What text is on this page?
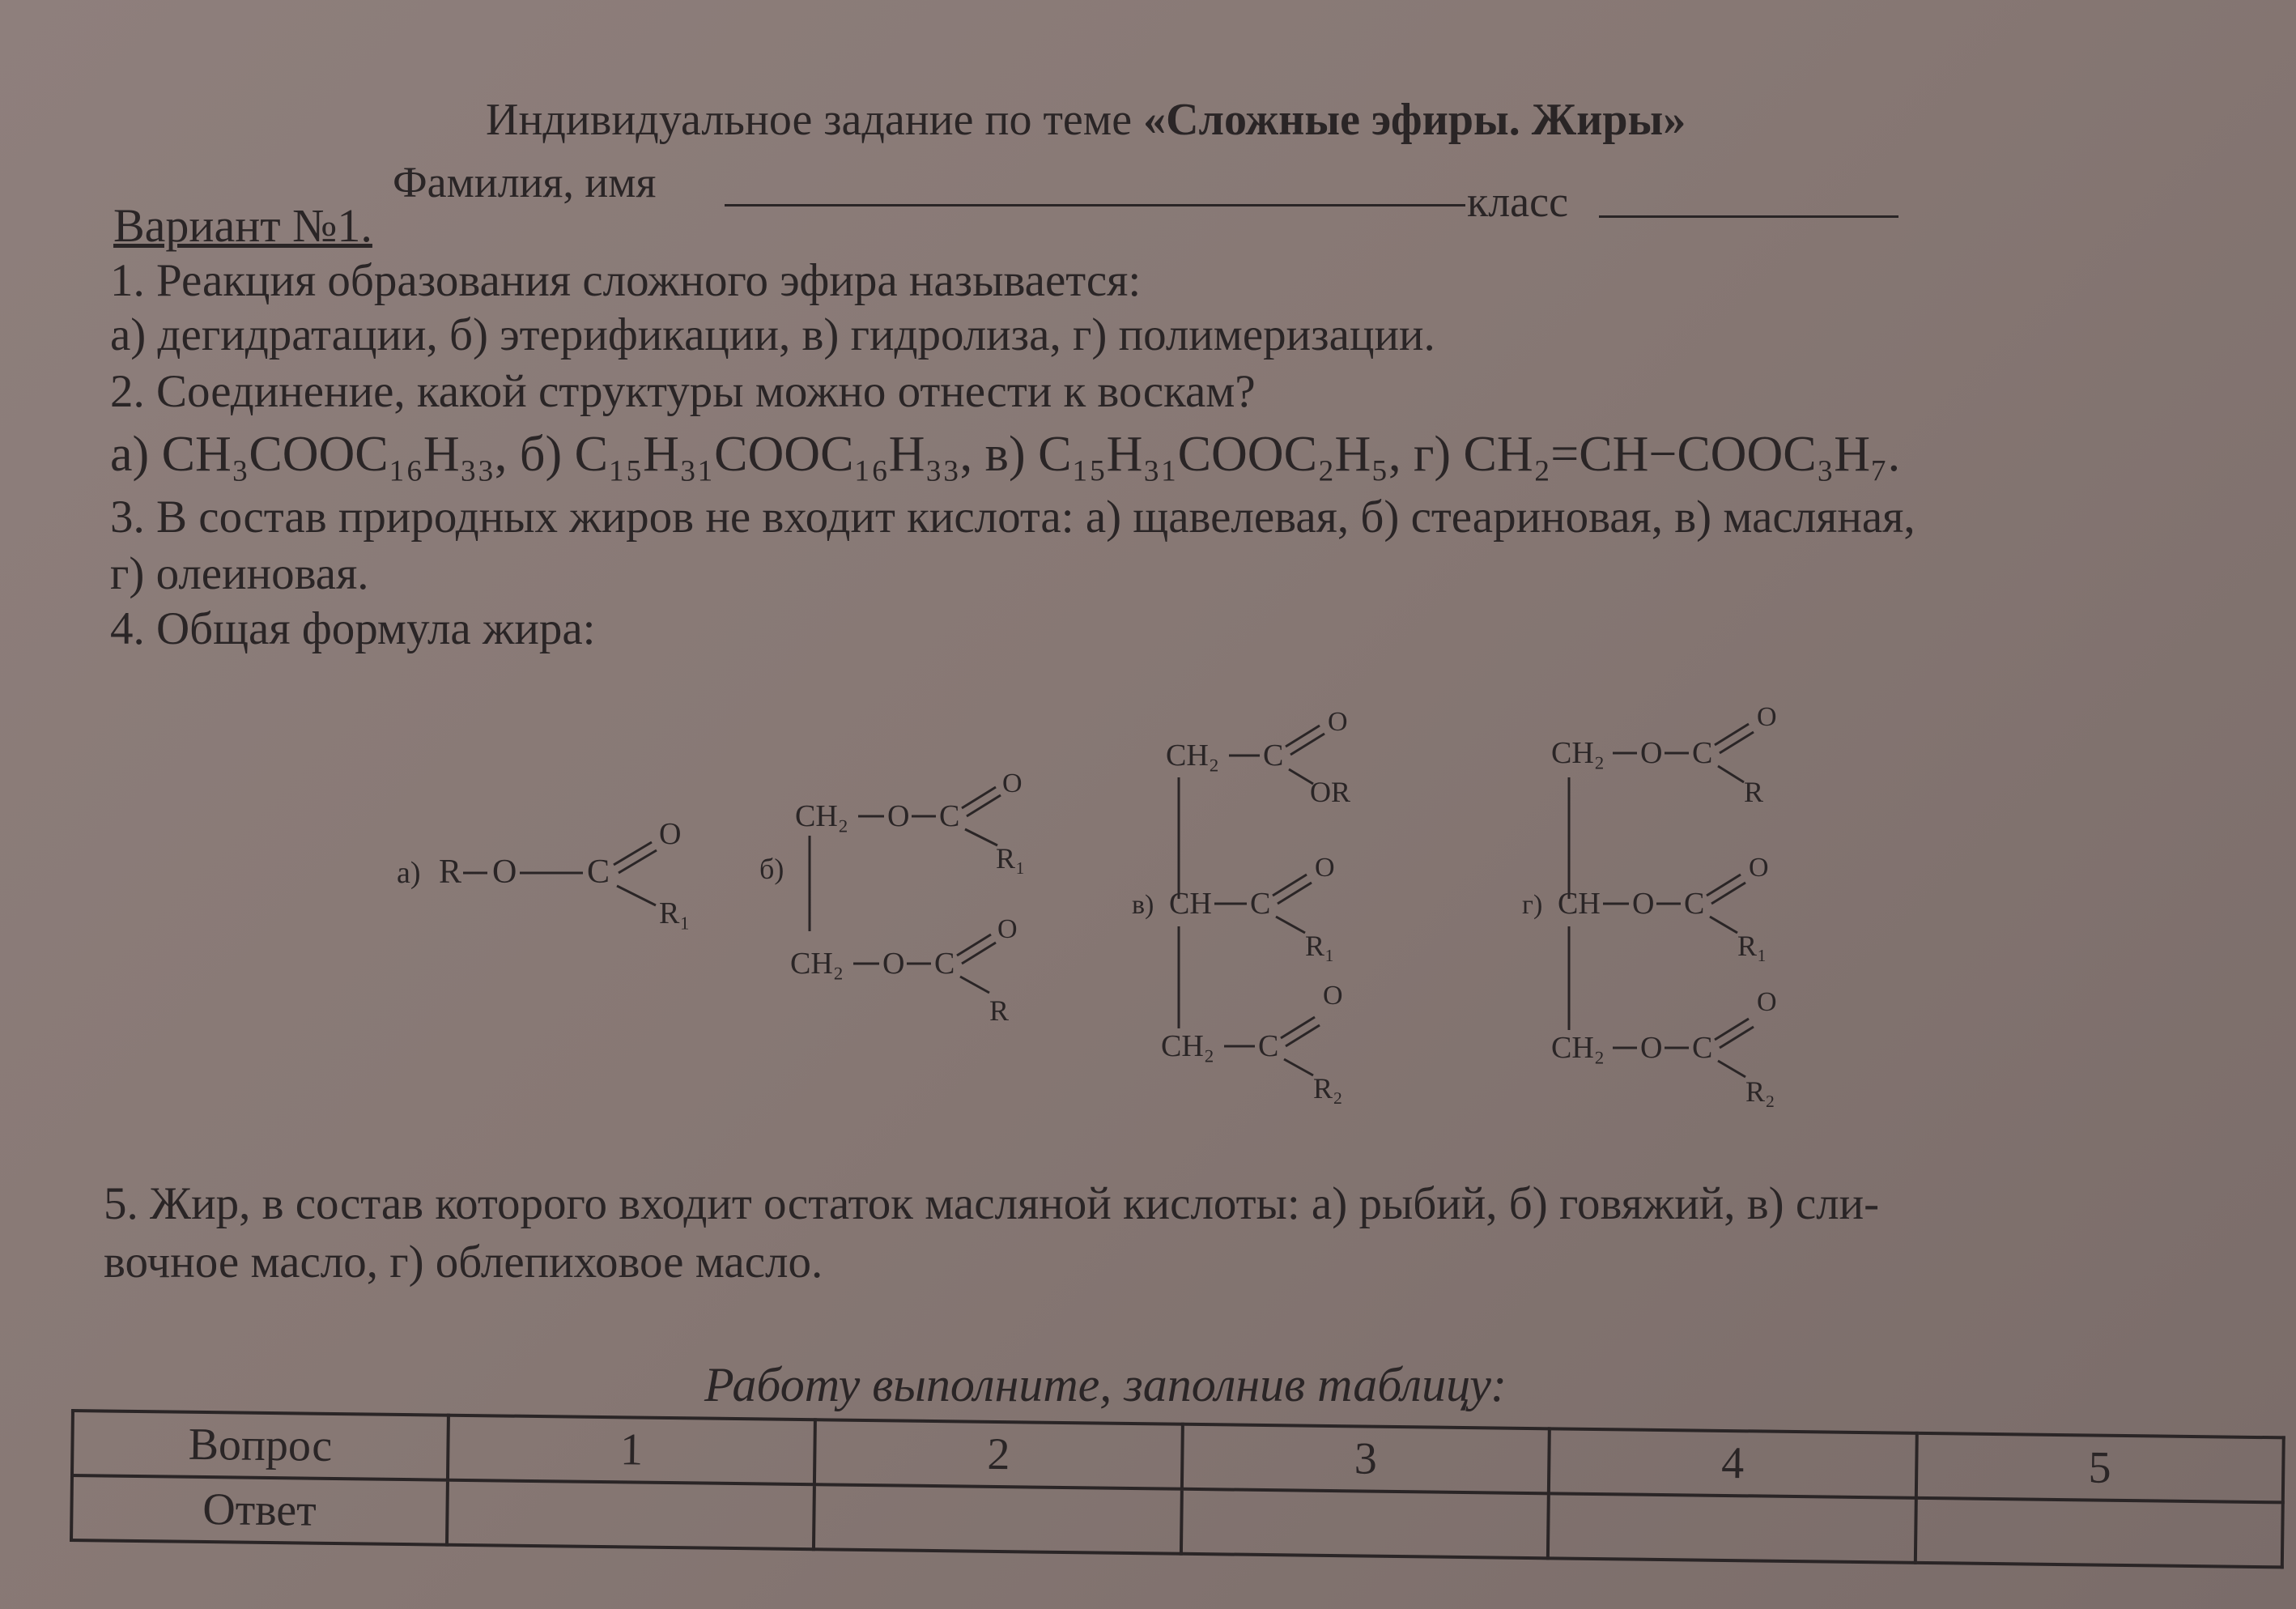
Индивидуальное задание по теме «Сложные эфиры. Жиры»
Фамилия, имя	класс
Вариант №1.
1. Реакция образования сложного эфира называется:
а) дегидратации, б) этерификации, в) гидролиза, г) полимеризации.
2. Соединение, какой структуры можно отнести к воскам?
а) CH₃COOC₁₆H₃₃, б) C₁₅H₃₁COOC₁₆H₃₃, в) C₁₅H₃₁COOC₂H₅, г) CH₂=CH−COOC₃H₇.
3. В состав природных жиров не входит кислота: а) щавелевая, б) стеариновая, в) масляная,
г) олеиновая.
4. Общая формула жира:
а) R O C
O
R₁
б)
CH₂ O C
O
R₁
CH₂ O C
O
R
CH₂ C
O
OR
в) CH C
O
R₁
CH₂ C
O
R₂
CH₂ O C
O
R
г) CH O C
O
R₁
CH₂ O C
O
R₂
5. Жир, в состав которого входит остаток масляной кислоты: а) рыбий, б) говяжий, в) сли-
вочное масло, г) облепиховое масло.
Работу выполните, заполнив таблицу:
Вопрос	1	2	3	4	5
Ответ					
